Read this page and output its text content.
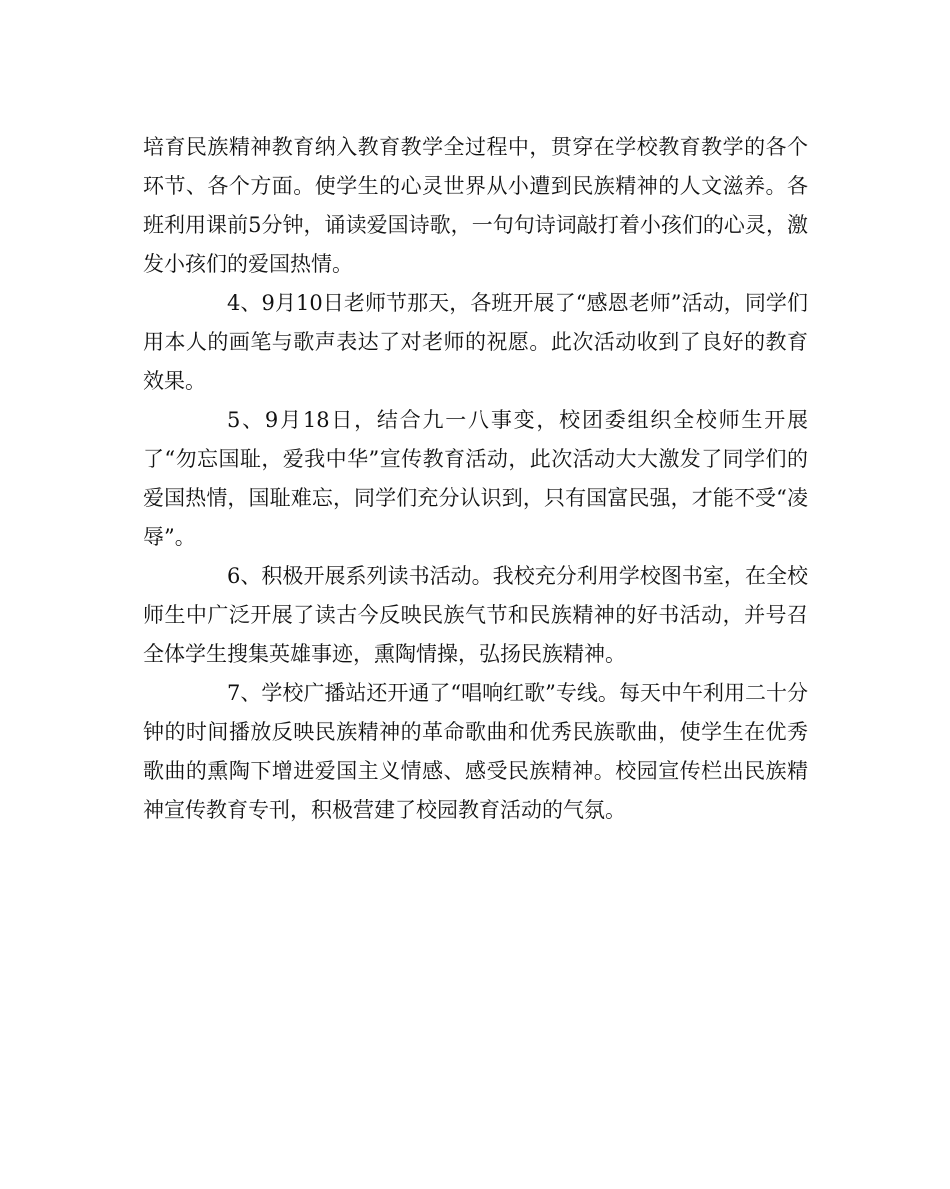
培育民族精神教育纳入教育教学全过程中，贯穿在学校教育教学的各个环节、各个方面。使学生的心灵世界从小遭到民族精神的人文滋养。各班利用课前5分钟，诵读爱国诗歌，一句句诗词敲打着小孩们的心灵，激发小孩们的爱国热情。

4、9月10日老师节那天，各班开展了“感恩老师”活动，同学们用本人的画笔与歌声表达了对老师的祝愿。此次活动收到了良好的教育效果。

5、9月18日，结合九一八事变，校团委组织全校师生开展了“勿忘国耻，爱我中华”宣传教育活动，此次活动大大激发了同学们的爱国热情，国耻难忘，同学们充分认识到，只有国富民强，才能不受“凌辱”。

6、积极开展系列读书活动。我校充分利用学校图书室，在全校师生中广泛开展了读古今反映民族气节和民族精神的好书活动，并号召全体学生搜集英雄事迹，熏陶情操，弘扬民族精神。

7、学校广播站还开通了“唱响红歌”专线。每天中午利用二十分钟的时间播放反映民族精神的革命歌曲和优秀民族歌曲，使学生在优秀歌曲的熏陶下增进爱国主义情感、感受民族精神。校园宣传栏出民族精神宣传教育专刊，积极营建了校园教育活动的气氛。
